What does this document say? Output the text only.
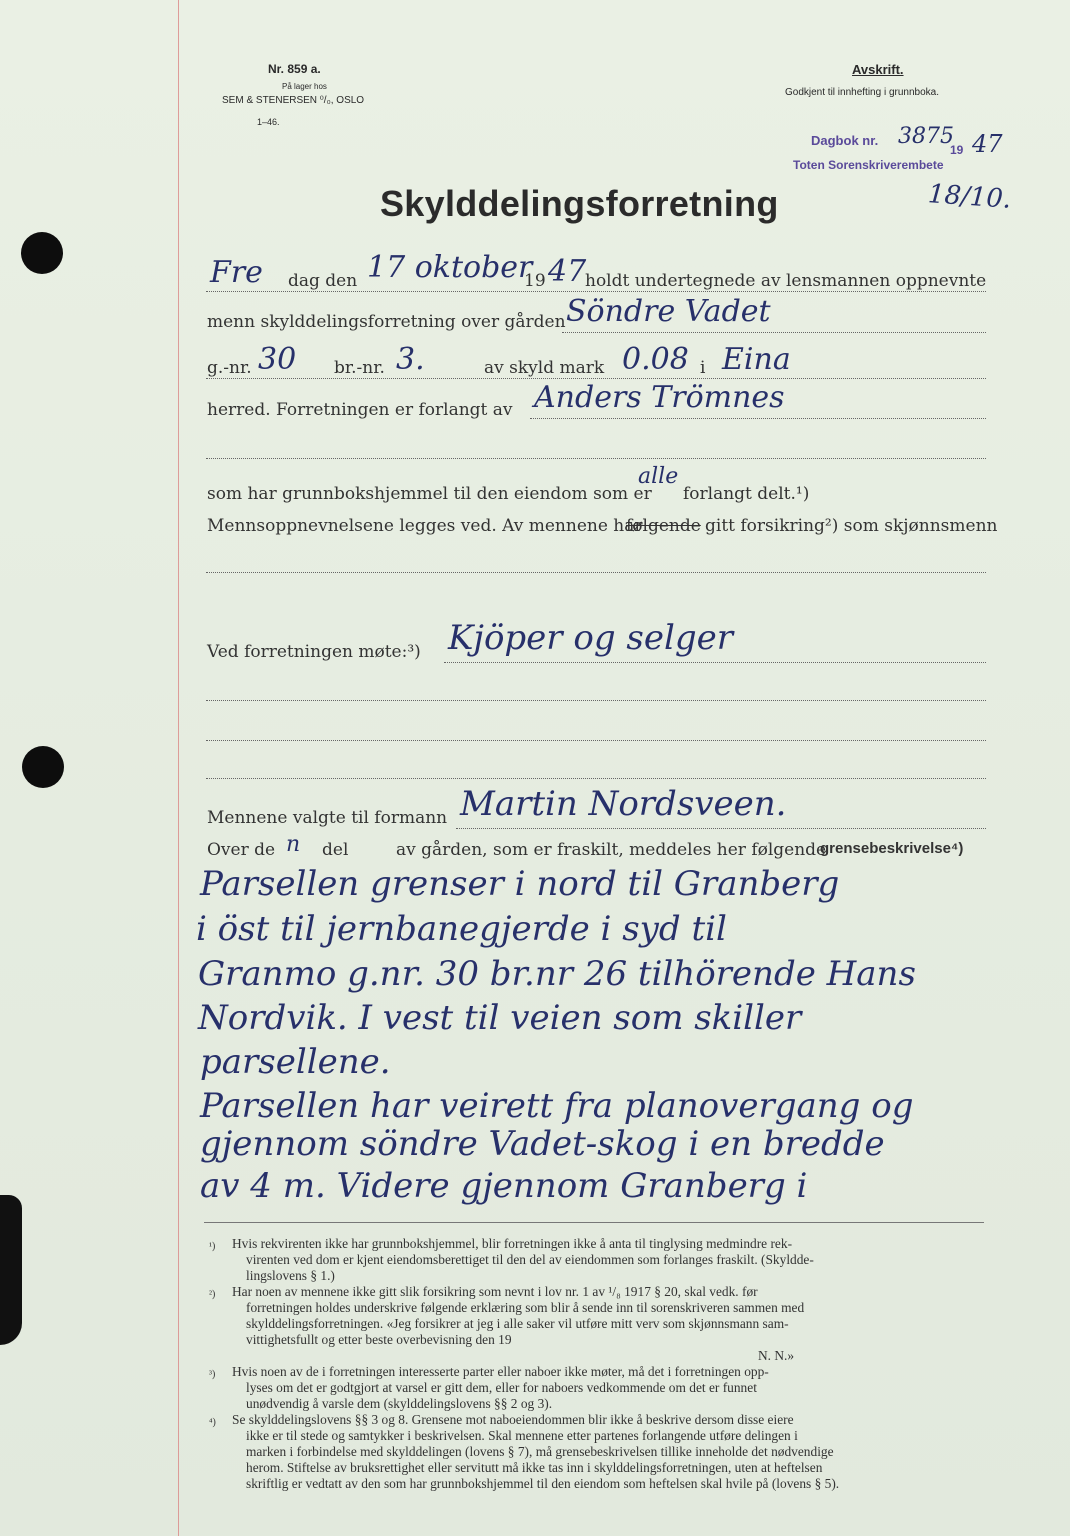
Nr. 859 a.
På lager hos
SEM & STENERSEN ⁰/₀, OSLO
1–46.
Avskrift.
Godkjent til innhefting i grunnboka.
Dagbok nr. 3875
19 47
Toten Sorenskriverembete
18/10.
Skylddelingsforretning
Fre dag den 17 oktober
19 47
holdt undertegnede av lensmannen oppnevnte
menn skylddelingsforretning over gården Söndre Vadet
g.-nr. 30 br.-nr. 3.	av skyld mark 0.08 i Eina
herred. Forretningen er forlangt av Anders Trömnes
som har grunnbokshjemmel til den eiendom som er forlangt delt.¹)
alle
Mennsoppnevnelsene legges ved. Av mennene har
følgende gitt forsikring²) som skjønnsmenn
Ved forretningen møte:³) Kjöper og selger
Mennene valgte til formann Martin Nordsveen.
Over de n del	av gården, som er fraskilt, meddeles her følgende
grensebeskrivelse⁴)
Parsellen grenser i nord til Granberg
i öst til jernbanegjerde i syd til
Granmo g.nr. 30 br.nr 26 tilhörende Hans
Nordvik. I vest til veien som skiller
parsellene.
Parsellen har veirett fra planovergang og
gjennom söndre Vadet-skog i en bredde
av 4 m. Videre gjennom Granberg i
¹) Hvis rekvirenten ikke har grunnbokshjemmel, blir forretningen ikke å anta til tinglysing medmindre rek-
virenten ved dom er kjent eiendomsberettiget til den del av eiendommen som forlanges fraskilt. (Skyldde-
lingslovens § 1.)
²) Har noen av mennene ikke gitt slik forsikring som nevnt i lov nr. 1 av ¹/₈ 1917 § 20, skal vedk. før
forretningen holdes underskrive følgende erklæring som blir å sende inn til sorenskriveren sammen med
skylddelingsforretningen. «Jeg forsikrer at jeg i alle saker vil utføre mitt verv som skjønnsmann sam-
vittighetsfullt og etter beste overbevisning den 19
N. N.»
³) Hvis noen av de i forretningen interesserte parter eller naboer ikke møter, må det i forretningen opp-
lyses om det er godtgjort at varsel er gitt dem, eller for naboers vedkommende om det er funnet
unødvendig å varsle dem (skylddelingslovens §§ 2 og 3).
⁴) Se skylddelingslovens §§ 3 og 8. Grensene mot naboeiendommen blir ikke å beskrive dersom disse eiere
ikke er til stede og samtykker i beskrivelsen. Skal mennene etter partenes forlangende utføre delingen i
marken i forbindelse med skylddelingen (lovens § 7), må grensebeskrivelsen tillike inneholde det nødvendige
herom. Stiftelse av bruksrettighet eller servitutt må ikke tas inn i skylddelingsforretningen, uten at heftelsen
skriftlig er vedtatt av den som har grunnbokshjemmel til den eiendom som heftelsen skal hvile på (lovens § 5).
